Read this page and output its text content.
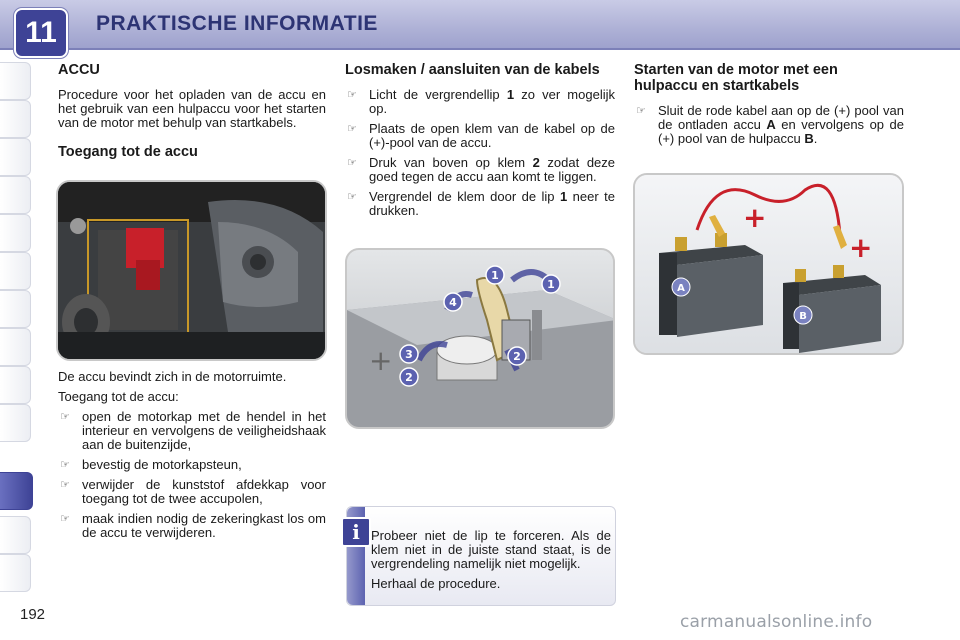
PRAKTISCHE INFORMATIE
11
ACCU

Procedure voor het opladen van de accu en het gebruik van een hulpaccu voor het starten van de motor met behulp van startkabels.

Toegang tot de accu

De accu bevindt zich in de motorruimte.

Toegang tot de accu:

☞ open de motorkap met de hendel in het interieur en vervolgens de veiligheidshaak aan de buitenzijde,
☞ bevestig de motorkapsteun,
☞ verwijder de kunststof afdekkap voor toegang tot de twee accupolen,
☞ maak indien nodig de zekeringkast los om de accu te verwijderen.
Losmaken / aansluiten van de kabels
☞ Licht de vergrendellip 1 zo ver mogelijk op.
☞ Plaats de open klem van de kabel op de (+)-pool van de accu.
☞ Druk van boven op klem 2 zodat deze goed tegen de accu aan komt te liggen.
☞ Vergrendel de klem door de lip 1 neer te drukken.
+
1
1
2
2
3
4
i Probeer niet de lip te forceren. Als de klem niet in de juiste stand staat, is de vergrendeling namelijk niet mogelijk.

Herhaal de procedure.

Starten van de motor met een hulpaccu en startkabels
☞ Sluit de rode kabel aan op de (+) pool van de ontladen accu A en vervolgens op de (+) pool van de hulpaccu B.
A
B
+
+
192	carmanualsonline.info
